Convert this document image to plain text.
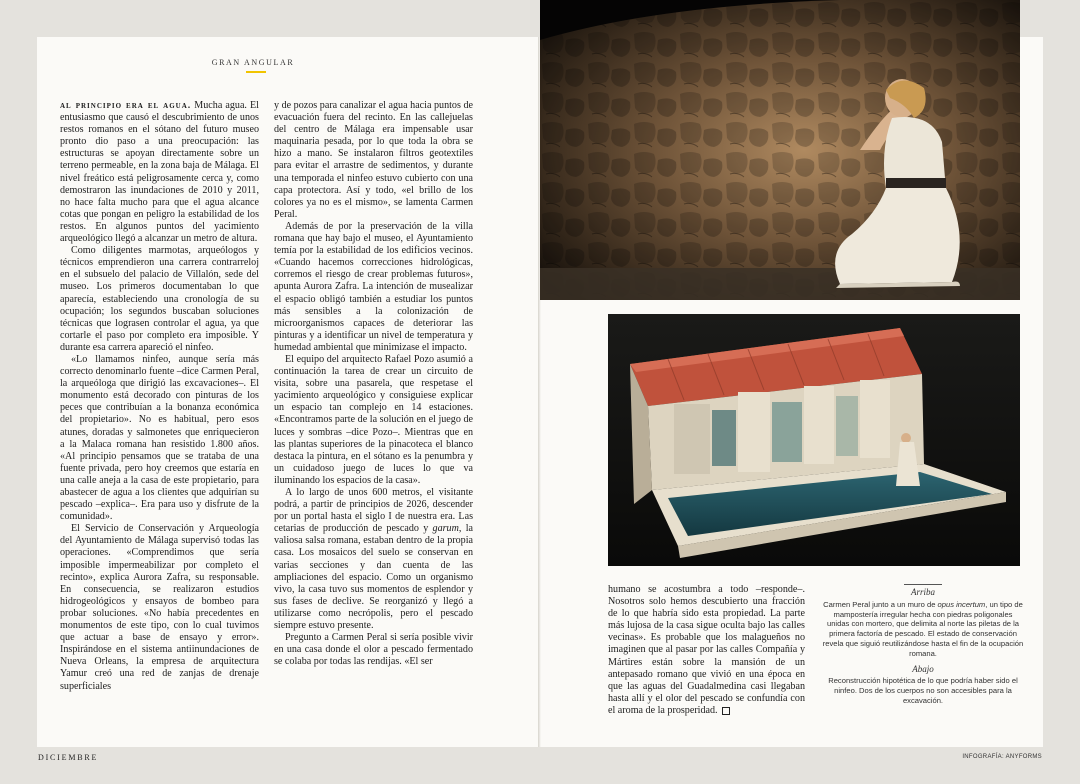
GRAN ANGULAR

al principio era el agua. Mucha agua. El entusiasmo que causó el descubrimiento de unos restos romanos en el sótano del futuro museo pronto dio paso a una preocupación: las estructuras se apoyan directamente sobre un terreno permeable, en la zona baja de Málaga. El nivel freático está peligrosamente cerca y, como demostraron las inundaciones de 2010 y 2011, no hace falta mucho para que el agua alcance cotas que pongan en peligro la estabilidad de los restos. En algunos puntos del yacimiento arqueológico llegó a alcanzar un metro de altura.

Como diligentes marmotas, arqueólogos y técnicos emprendieron una carrera contrarreloj en el subsuelo del palacio de Villalón, sede del museo. Los primeros documentaban lo que aparecía, estableciendo una cronología de su ocupación; los segundos buscaban soluciones técnicas que lograsen controlar el agua, ya que cortarle el paso por completo era imposible. Y durante esa carrera apareció el ninfeo.

«Lo llamamos ninfeo, aunque sería más correcto denominarlo fuente –dice Carmen Peral, la arqueóloga que dirigió las excavaciones–. El monumento está decorado con pinturas de los peces que contribuían a la bonanza económica del propietario». No es habitual, pero esos atunes, doradas y salmonetes que enriquecieron a la Malaca romana han resistido 1.800 años. «Al principio pensamos que se trataba de una fuente privada, pero hoy creemos que estaría en una calle aneja a la casa de este propietario, para abastecer de agua a los clientes que adquirían su pescado –explica–. Era para uso y disfrute de la comunidad».

El Servicio de Conservación y Arqueología del Ayuntamiento de Málaga supervisó todas las operaciones. «Comprendimos que sería imposible impermeabilizar por completo el recinto», explica Aurora Zafra, su responsable. En consecuencia, se realizaron estudios hidrogeológicos y ensayos de bombeo para probar soluciones. «No había precedentes en monumentos de este tipo, con lo cual tuvimos que actuar a base de ensayo y error». Inspirándose en el sistema antiinundaciones de Nueva Orleans, la empresa de arquitectura Yamur creó una red de zanjas de drenaje superficiales

y de pozos para canalizar el agua hacia puntos de evacuación fuera del recinto. En las callejuelas del centro de Málaga era impensable usar maquinaria pesada, por lo que toda la obra se hizo a mano. Se instalaron filtros geotextiles para evitar el arrastre de sedimentos, y durante una temporada el ninfeo estuvo cubierto con una capa protectora. Así y todo, «el brillo de los colores ya no es el mismo», se lamenta Carmen Peral.

Además de por la preservación de la villa romana que hay bajo el museo, el Ayuntamiento temía por la estabilidad de los edificios vecinos. «Cuando hacemos correcciones hidrológicas, corremos el riesgo de crear problemas futuros», apunta Aurora Zafra. La intención de musealizar el espacio obligó también a estudiar los puntos más sensibles a la colonización de microorganismos capaces de deteriorar las pinturas y a identificar un nivel de temperatura y humedad ambiental que minimizase el impacto.

El equipo del arquitecto Rafael Pozo asumió a continuación la tarea de crear un circuito de visita, sobre una pasarela, que respetase el yacimiento arqueológico y consiguiese explicar un espacio tan complejo en 14 estaciones. «Encontramos parte de la solución en el juego de luces y sombras –dice Pozo–. Mientras que en las plantas superiores de la pinacoteca el blanco destaca la pintura, en el sótano es la penumbra y un cuidadoso juego de luces lo que va iluminando los espacios de la casa».

A lo largo de unos 600 metros, el visitante podrá, a partir de principios de 2026, descender por un portal hasta el siglo I de nuestra era. Las cetarias de producción de pescado y garum, la valiosa salsa romana, estaban dentro de la propia casa. Los mosaicos del suelo se conservan en varias secciones y dan cuenta de las ampliaciones del espacio. Como un organismo vivo, la casa tuvo sus momentos de esplendor y sus fases de declive. Se reorganizó y llegó a utilizarse como necrópolis, pero el pescado siempre estuvo presente.

Pregunto a Carmen Peral si sería posible vivir en una casa donde el olor a pescado fermentado se colaba por todas las rendijas. «El ser

humano se acostumbra a todo –responde–. Nosotros solo hemos descubierto una fracción de lo que habría sido esta propiedad. La parte más lujosa de la casa sigue oculta bajo las calles vecinas». Es probable que los malagueños no imaginen que al pasar por las calles Compañía y Mártires están sobre la mansión de un antepasado romano que vivió en una época en que las aguas del Guadalmedina casi llegaban hasta allí y el olor del pescado se confundía con el aroma de la prosperidad.

Arriba
Carmen Peral junto a un muro de opus incertum, un tipo de mampostería irregular hecha con piedras poligonales unidas con mortero, que delimita al norte las piletas de la primera factoría de pescado. El estado de conservación revela que siguió reutilizándose hasta el fin de la ocupación romana.
Abajo
Reconstrucción hipotética de lo que podría haber sido el ninfeo. Dos de los cuerpos no son accesibles para la excavación.
DICIEMBRE	INFOGRAFÍA: ANYFORMS
